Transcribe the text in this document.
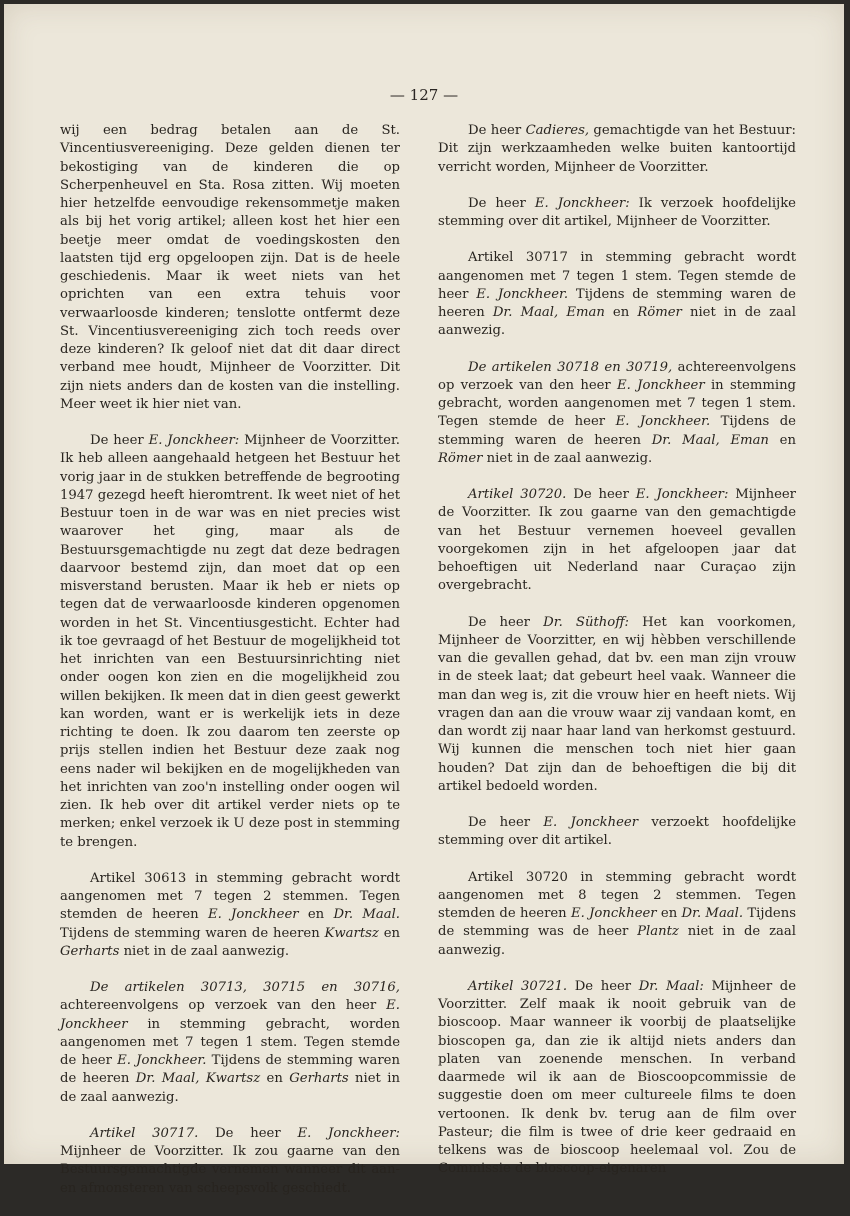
— 127 —

wij een bedrag betalen aan de St. Vincentiusvereeniging. Deze gelden dienen ter bekostiging van de kinderen die op Scherpenheuvel en Sta. Rosa zitten. Wij moeten hier hetzelfde eenvoudige rekensommetje maken als bij het vorig artikel; alleen kost het hier een beetje meer omdat de voedingskosten den laatsten tijd erg opgeloopen zijn. Dat is de heele geschiedenis. Maar ik weet niets van het oprichten van een extra tehuis voor verwaarloosde kinderen; tenslotte ontfermt deze St. Vincentiusvereeniging zich toch reeds over deze kinderen? Ik geloof niet dat dit daar direct verband mee houdt, Mijnheer de Voorzitter. Dit zijn niets anders dan de kosten van die instelling. Meer weet ik hier niet van.

De heer E. Jonckheer: Mijnheer de Voorzitter. Ik heb alleen aangehaald hetgeen het Bestuur het vorig jaar in de stukken betreffende de begrooting 1947 gezegd heeft hieromtrent. Ik weet niet of het Bestuur toen in de war was en niet precies wist waarover het ging, maar als de Bestuursgemachtigde nu zegt dat deze bedragen daarvoor bestemd zijn, dan moet dat op een misverstand berusten. Maar ik heb er niets op tegen dat de verwaarloosde kinderen opgenomen worden in het St. Vincentiusgesticht. Echter had ik toe gevraagd of het Bestuur de mogelijkheid tot het inrichten van een Bestuursinrichting niet onder oogen kon zien en die mogelijkheid zou willen bekijken. Ik meen dat in dien geest gewerkt kan worden, want er is werkelijk iets in deze richting te doen. Ik zou daarom ten zeerste op prijs stellen indien het Bestuur deze zaak nog eens nader wil bekijken en de mogelijkheden van het inrichten van zoo'n instelling onder oogen wil zien. Ik heb over dit artikel verder niets op te merken; enkel verzoek ik U deze post in stemming te brengen.

Artikel 30613 in stemming gebracht wordt aangenomen met 7 tegen 2 stemmen. Tegen stemden de heeren E. Jonckheer en Dr. Maal. Tijdens de stemming waren de heeren Kwartsz en Gerharts niet in de zaal aanwezig.

De artikelen 30713, 30715 en 30716, achtereenvolgens op verzoek van den heer E. Jonckheer in stemming gebracht, worden aangenomen met 7 tegen 1 stem. Tegen stemde de heer E. Jonckheer. Tijdens de stemming waren de heeren Dr. Maal, Kwartsz en Gerharts niet in de zaal aanwezig.

Artikel 30717. De heer E. Jonckheer: Mijnheer de Voorzitter. Ik zou gaarne van den Bestuursgemachtigde vernemen wanneer dit aan- en afmonsteren van scheepsvolk geschiedt.

De heer Cadieres, gemachtigde van het Bestuur: Dit zijn werkzaamheden welke buiten kantoortijd verricht worden, Mijnheer de Voorzitter.

De heer E. Jonckheer: Ik verzoek hoofdelijke stemming over dit artikel, Mijnheer de Voorzitter.

Artikel 30717 in stemming gebracht wordt aangenomen met 7 tegen 1 stem. Tegen stemde de heer E. Jonckheer. Tijdens de stemming waren de heeren Dr. Maal, Eman en Römer niet in de zaal aanwezig.

De artikelen 30718 en 30719, achtereenvolgens op verzoek van den heer E. Jonckheer in stemming gebracht, worden aangenomen met 7 tegen 1 stem. Tegen stemde de heer E. Jonckheer. Tijdens de stemming waren de heeren Dr. Maal, Eman en Römer niet in de zaal aanwezig.

Artikel 30720. De heer E. Jonckheer: Mijnheer de Voorzitter. Ik zou gaarne van den gemachtigde van het Bestuur vernemen hoeveel gevallen voorgekomen zijn in het afgeloopen jaar dat behoeftigen uit Nederland naar Curaçao zijn overgebracht.

De heer Dr. Süthoff: Het kan voorkomen, Mijnheer de Voorzitter, en wij hèbben verschillende van die gevallen gehad, dat bv. een man zijn vrouw in de steek laat; dat gebeurt heel vaak. Wanneer die man dan weg is, zit die vrouw hier en heeft niets. Wij vragen dan aan die vrouw waar zij vandaan komt, en dan wordt zij naar haar land van herkomst gestuurd. Wij kunnen die menschen toch niet hier gaan houden? Dat zijn dan de behoeftigen die bij dit artikel bedoeld worden.

De heer E. Jonckheer verzoekt hoofdelijke stemming over dit artikel.

Artikel 30720 in stemming gebracht wordt aangenomen met 8 tegen 2 stemmen. Tegen stemden de heeren E. Jonckheer en Dr. Maal. Tijdens de stemming was de heer Plantz niet in de zaal aanwezig.

Artikel 30721. De heer Dr. Maal: Mijnheer de Voorzitter. Zelf maak ik nooit gebruik van de bioscoop. Maar wanneer ik voorbij de plaatselijke bioscopen ga, dan zie ik altijd niets anders dan platen van zoenende menschen. In verband daarmede wil ik aan de Bioscoopcommissie de suggestie doen om meer cultureele films te doen vertoonen. Ik denk bv. terug aan de film over Pasteur; die film is twee of drie keer gedraaid en telkens was de bioscoop heelemaal vol. Zou de Commissie de bioscoop-eigenaren
